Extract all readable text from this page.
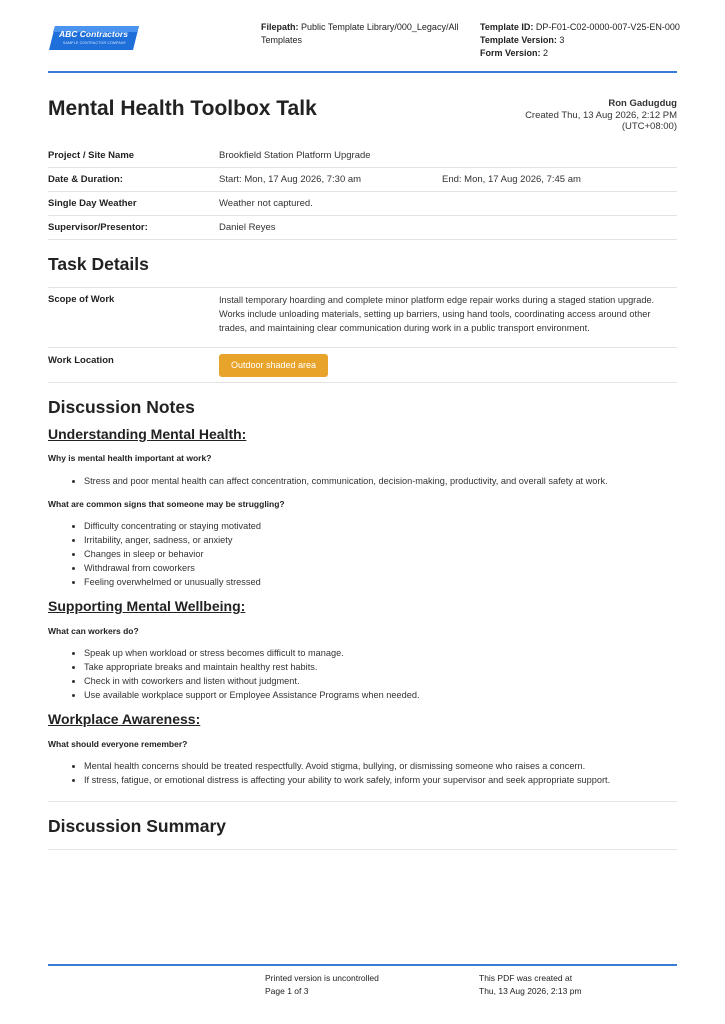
ABC Contractors
SAMPLE CONTRACTOR COMPANY
Filepath: Public Template Library/000_Legacy/All Templates
Template ID: DP-F01-C02-0000-007-V25-EN-000
Template Version: 3
Form Version: 2
Mental Health Toolbox Talk	Ron Gadugdug
Created Thu, 13 Aug 2026, 2:12 PM
(UTC+08:00)
Project / Site Name	Brookfield Station Platform Upgrade
Date & Duration:	Start: Mon, 17 Aug 2026, 7:30 am	End: Mon, 17 Aug 2026, 7:45 am
Single Day Weather	Weather not captured.
Supervisor/Presentor:	Daniel Reyes
Task Details
Scope of Work	Install temporary hoarding and complete minor platform edge repair works during a staged station upgrade. Works include unloading materials, setting up barriers, using hand tools, coordinating access around other trades, and maintaining clear communication during work in a public transport environment.
Work Location	Outdoor shaded area
Discussion Notes
Understanding Mental Health:
Why is mental health important at work?
• Stress and poor mental health can affect concentration, communication, decision-making, productivity, and overall safety at work.
What are common signs that someone may be struggling?
• Difficulty concentrating or staying motivated
• Irritability, anger, sadness, or anxiety
• Changes in sleep or behavior
• Withdrawal from coworkers
• Feeling overwhelmed or unusually stressed
Supporting Mental Wellbeing:
What can workers do?
• Speak up when workload or stress becomes difficult to manage.
• Take appropriate breaks and maintain healthy rest habits.
• Check in with coworkers and listen without judgment.
• Use available workplace support or Employee Assistance Programs when needed.
Workplace Awareness:
What should everyone remember?
• Mental health concerns should be treated respectfully. Avoid stigma, bullying, or dismissing someone who raises a concern.
• If stress, fatigue, or emotional distress is affecting your ability to work safely, inform your supervisor and seek appropriate support.
Discussion Summary
Printed version is uncontrolled
Page 1 of 3
This PDF was created at
Thu, 13 Aug 2026, 2:13 pm
